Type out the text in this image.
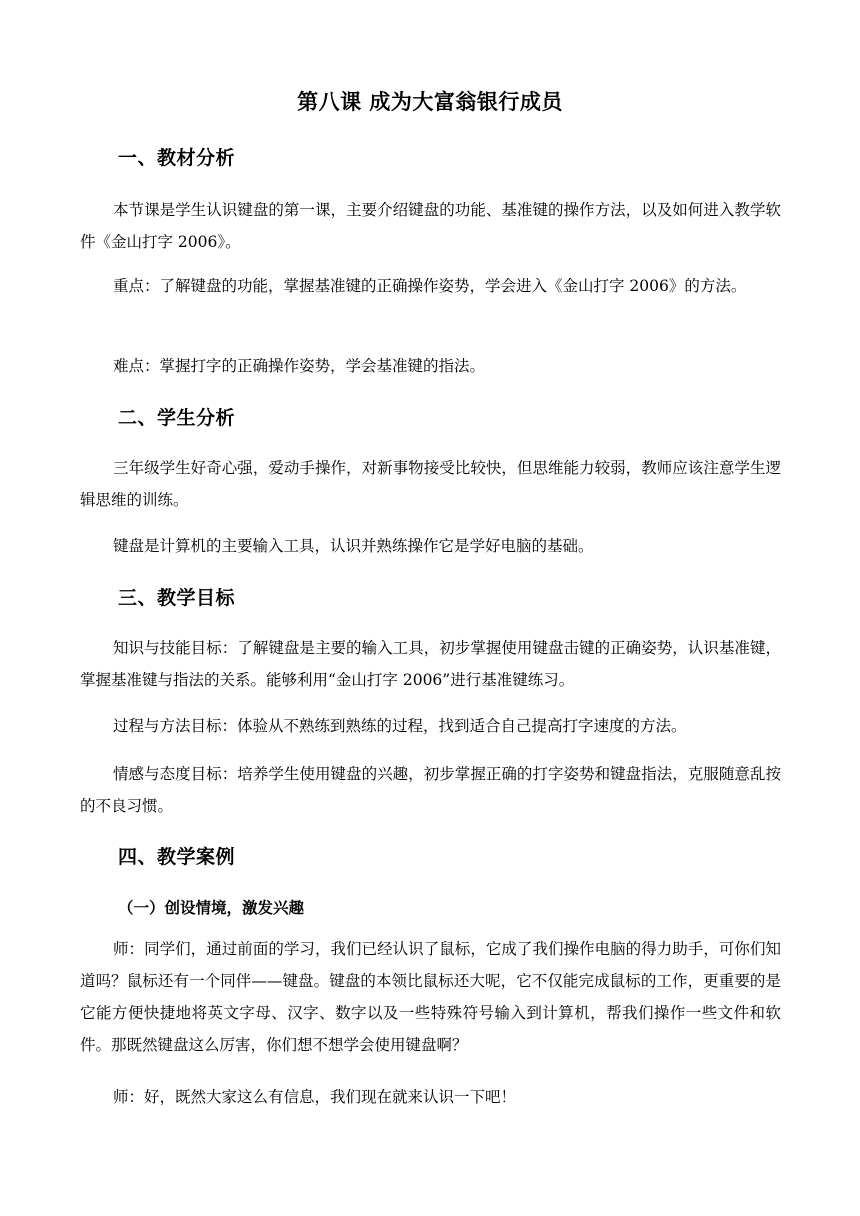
第八课 成为大富翁银行成员
一、教材分析

本节课是学生认识键盘的第一课，主要介绍键盘的功能、基准键的操作方法，以及如何进入教学软件《金山打字 2006》。

重点：了解键盘的功能，掌握基准键的正确操作姿势，学会进入《金山打字 2006》的方法。

难点：掌握打字的正确操作姿势，学会基准键的指法。

二、学生分析

三年级学生好奇心强，爱动手操作，对新事物接受比较快，但思维能力较弱，教师应该注意学生逻辑思维的训练。

键盘是计算机的主要输入工具，认识并熟练操作它是学好电脑的基础。

三、教学目标

知识与技能目标：了解键盘是主要的输入工具，初步掌握使用键盘击键的正确姿势，认识基准键，掌握基准键与指法的关系。能够利用“金山打字 2006”进行基准键练习。

过程与方法目标：体验从不熟练到熟练的过程，找到适合自己提高打字速度的方法。

情感与态度目标：培养学生使用键盘的兴趣，初步掌握正确的打字姿势和键盘指法，克服随意乱按的不良习惯。

四、教学案例
（一）创设情境，激发兴趣

师：同学们，通过前面的学习，我们已经认识了鼠标，它成了我们操作电脑的得力助手，可你们知道吗？鼠标还有一个同伴——键盘。键盘的本领比鼠标还大呢，它不仅能完成鼠标的工作，更重要的是它能方便快捷地将英文字母、汉字、数字以及一些特殊符号输入到计算机，帮我们操作一些文件和软件。那既然键盘这么厉害，你们想不想学会使用键盘啊？

师：好，既然大家这么有信息，我们现在就来认识一下吧！
